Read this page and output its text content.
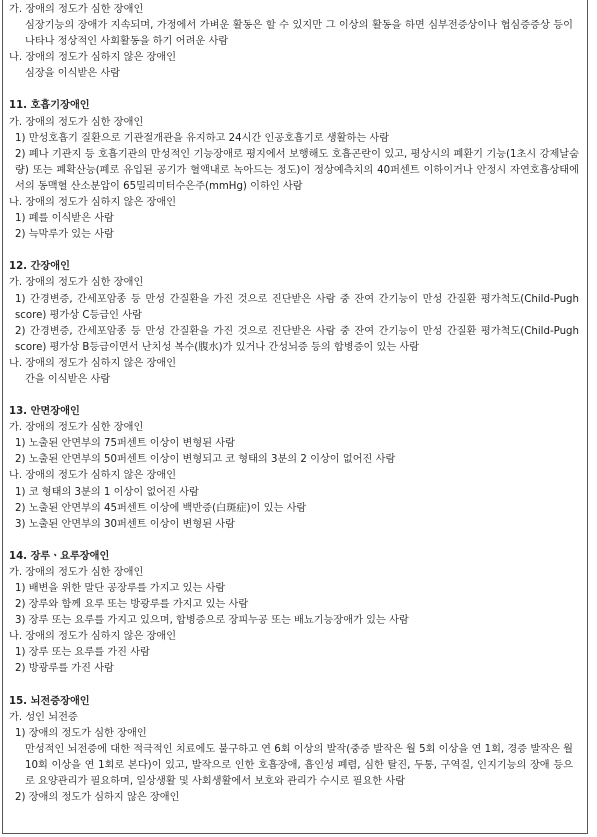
가. 장애의 정도가 심한 장애인
심장기능의 장애가 지속되며, 가정에서 가벼운 활동은 할 수 있지만 그 이상의 활동을 하면 심부전증상이나 협심증증상 등이 나타나 정상적인 사회활동을 하기 어려운 사람
나. 장애의 정도가 심하지 않은 장애인
심장을 이식받은 사람
11. 호흡기장애인
가. 장애의 정도가 심한 장애인
1) 만성호흡기 질환으로 기관절개관을 유지하고 24시간 인공호흡기로 생활하는 사람
2) 폐나 기관지 등 호흡기관의 만성적인 기능장애로 평지에서 보행해도 호흡곤란이 있고, 평상시의 폐환기 기능(1초시 강제날숨량) 또는 폐확산능(폐로 유입된 공기가 혈액내로 녹아드는 정도)이 정상예측치의 40퍼센트 이하이거나 안정시 자연호흡상태에서의 동맥혈 산소분압이 65밀리미터수은주(mmHg) 이하인 사람
나. 장애의 정도가 심하지 않은 장애인
1) 폐를 이식받은 사람
2) 늑막루가 있는 사람
12. 간장애인
가. 장애의 정도가 심한 장애인
1) 간경변증, 간세포암종 등 만성 간질환을 가진 것으로 진단받은 사람 중 잔여 간기능이 만성 간질환 평가척도(Child-Pugh score) 평가상 C등급인 사람
2) 간경변증, 간세포암종 등 만성 간질환을 가진 것으로 진단받은 사람 중 잔여 간기능이 만성 간질환 평가척도(Child-Pugh score) 평가상 B등급이면서 난치성 복수(腹水)가 있거나 간성뇌증 등의 합병증이 있는 사람
나. 장애의 정도가 심하지 않은 장애인
간을 이식받은 사람
13. 안면장애인
가. 장애의 정도가 심한 장애인
1) 노출된 안면부의 75퍼센트 이상이 변형된 사람
2) 노출된 안면부의 50퍼센트 이상이 변형되고 코 형태의 3분의 2 이상이 없어진 사람
나. 장애의 정도가 심하지 않은 장애인
1) 코 형태의 3분의 1 이상이 없어진 사람
2) 노출된 안면부의 45퍼센트 이상에 백반증(白斑症)이 있는 사람
3) 노출된 안면부의 30퍼센트 이상이 변형된 사람
14. 장루ㆍ요루장애인
가. 장애의 정도가 심한 장애인
1) 배변을 위한 말단 공장루를 가지고 있는 사람
2) 장루와 함께 요루 또는 방광루를 가지고 있는 사람
3) 장루 또는 요루를 가지고 있으며, 합병증으로 장피누공 또는 배뇨기능장애가 있는 사람
나. 장애의 정도가 심하지 않은 장애인
1) 장루 또는 요루를 가진 사람
2) 방광루를 가진 사람
15. 뇌전증장애인
가. 성인 뇌전증
1) 장애의 정도가 심한 장애인
만성적인 뇌전증에 대한 적극적인 치료에도 불구하고 연 6회 이상의 발작(중증 발작은 월 5회 이상을 연 1회, 경증 발작은 월 10회 이상을 연 1회로 본다)이 있고, 발작으로 인한 호흡장애, 흡인성 폐렴, 심한 탈진, 두통, 구역질, 인지기능의 장애 등으로 요양관리가 필요하며, 일상생활 및 사회생활에서 보호와 관리가 수시로 필요한 사람
2) 장애의 정도가 심하지 않은 장애인
